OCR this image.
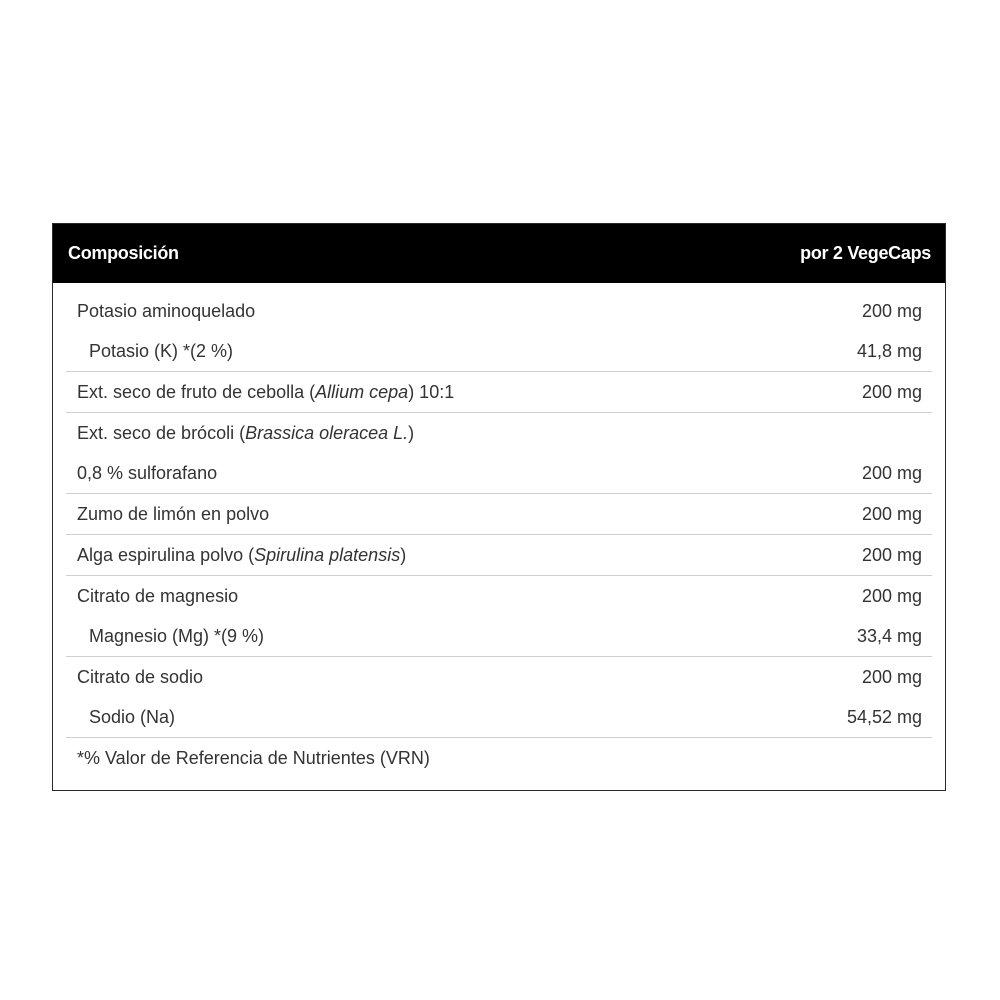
Composición	por 2 VegeCaps
Potasio aminoquelado	200 mg
Potasio (K) *(2 %)	41,8 mg
Ext. seco de fruto de cebolla (Allium cepa) 10:1	200 mg
Ext. seco de brócoli (Brassica oleracea L.)
0,8 % sulforafano	200 mg
Zumo de limón en polvo	200 mg
Alga espirulina polvo (Spirulina platensis)	200 mg
Citrato de magnesio	200 mg
Magnesio (Mg) *(9 %)	33,4 mg
Citrato de sodio	200 mg
Sodio (Na)	54,52 mg
*% Valor de Referencia de Nutrientes (VRN)
